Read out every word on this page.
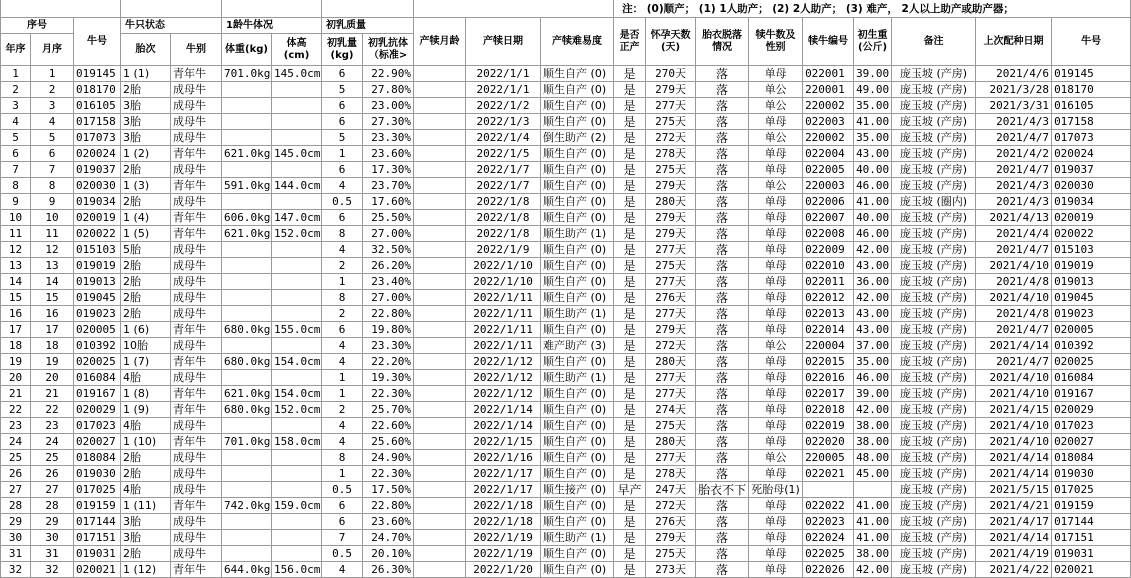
												注： (0)顺产； (1) 1人助产； (2) 2人助产； (3) 难产， 2人以上助产或助产器；								
序号		牛号	牛只状态		1龄牛体况		初乳质量		产犊月龄	产犊日期	产犊难易度	是否正产	怀孕天数(天)	胎衣脱落情况	犊牛数及性别	犊牛编号	初生重(公斤)	备注	上次配种日期	牛号
年序	月序		胎次	牛别	体重(kg)	体高(cm)	初乳量(kg)	初乳抗体（标准>												
1	1	019145	1 (1)	青年牛	701.0kg	145.0cm	6	22.90%		2022/1/1	顺生自产 (0)	是	270天	落	单母	022001	39.00	庞玉坡 (产房)	2021/4/6	019145
2	2	018170	2胎	成母牛			5	27.80%		2022/1/1	顺生自产 (0)	是	279天	落	单公	220001	49.00	庞玉坡 (产房)	2021/3/28	018170
3	3	016105	3胎	成母牛			6	23.00%		2022/1/2	顺生自产 (0)	是	277天	落	单公	220002	35.00	庞玉坡 (产房)	2021/3/31	016105
4	4	017158	3胎	成母牛			6	27.30%		2022/1/3	顺生自产 (0)	是	275天	落	单母	022003	41.00	庞玉坡 (产房)	2021/4/3	017158
5	5	017073	3胎	成母牛			5	23.30%		2022/1/4	倒生助产 (2)	是	272天	落	单公	220002	35.00	庞玉坡 (产房)	2021/4/7	017073
6	6	020024	1 (2)	青年牛	621.0kg	145.0cm	1	23.60%		2022/1/5	顺生自产 (0)	是	278天	落	单母	022004	43.00	庞玉坡 (产房)	2021/4/2	020024
7	7	019037	2胎	成母牛			6	17.30%		2022/1/7	顺生自产 (0)	是	275天	落	单母	022005	40.00	庞玉坡 (产房)	2021/4/7	019037
8	8	020030	1 (3)	青年牛	591.0kg	144.0cm	4	23.70%		2022/1/7	顺生自产 (0)	是	279天	落	单公	220003	46.00	庞玉坡 (产房)	2021/4/3	020030
9	9	019034	2胎	成母牛			0.5	17.60%		2022/1/8	顺生自产 (0)	是	280天	落	单母	022006	41.00	庞玉坡 (圈内)	2021/4/3	019034
10	10	020019	1 (4)	青年牛	606.0kg	147.0cm	6	25.50%		2022/1/8	顺生自产 (0)	是	279天	落	单母	022007	40.00	庞玉坡 (产房)	2021/4/13	020019
11	11	020022	1 (5)	青年牛	621.0kg	152.0cm	8	27.00%		2022/1/8	顺生助产 (1)	是	279天	落	单母	022008	46.00	庞玉坡 (产房)	2021/4/4	020022
12	12	015103	5胎	成母牛			4	32.50%		2022/1/9	顺生自产 (0)	是	277天	落	单母	022009	42.00	庞玉坡 (产房)	2021/4/7	015103
13	13	019019	2胎	成母牛			2	26.20%		2022/1/10	顺生自产 (0)	是	275天	落	单母	022010	43.00	庞玉坡 (产房)	2021/4/10	019019
14	14	019013	2胎	成母牛			1	23.40%		2022/1/10	顺生自产 (0)	是	277天	落	单母	022011	36.00	庞玉坡 (产房)	2021/4/8	019013
15	15	019045	2胎	成母牛			8	27.00%		2022/1/11	顺生自产 (0)	是	276天	落	单母	022012	42.00	庞玉坡 (产房)	2021/4/10	019045
16	16	019023	2胎	成母牛			2	22.80%		2022/1/11	顺生助产 (1)	是	277天	落	单母	022013	43.00	庞玉坡 (产房)	2021/4/8	019023
17	17	020005	1 (6)	青年牛	680.0kg	155.0cm	6	19.80%		2022/1/11	顺生自产 (0)	是	279天	落	单母	022014	43.00	庞玉坡 (产房)	2021/4/7	020005
18	18	010392	10胎	成母牛			4	23.30%		2022/1/11	难产助产 (3)	是	272天	落	单公	220004	37.00	庞玉坡 (产房)	2021/4/14	010392
19	19	020025	1 (7)	青年牛	680.0kg	154.0cm	4	22.20%		2022/1/12	顺生自产 (0)	是	280天	落	单母	022015	35.00	庞玉坡 (产房)	2021/4/7	020025
20	20	016084	4胎	成母牛			1	19.30%		2022/1/12	顺生助产 (1)	是	277天	落	单母	022016	46.00	庞玉坡 (产房)	2021/4/10	016084
21	21	019167	1 (8)	青年牛	621.0kg	154.0cm	1	22.30%		2022/1/12	顺生自产 (0)	是	277天	落	单母	022017	39.00	庞玉坡 (产房)	2021/4/10	019167
22	22	020029	1 (9)	青年牛	680.0kg	152.0cm	2	25.70%		2022/1/14	顺生自产 (0)	是	274天	落	单母	022018	42.00	庞玉坡 (产房)	2021/4/15	020029
23	23	017023	4胎	成母牛			4	22.60%		2022/1/14	顺生自产 (0)	是	275天	落	单母	022019	38.00	庞玉坡 (产房)	2021/4/10	017023
24	24	020027	1 (10)	青年牛	701.0kg	158.0cm	4	25.60%		2022/1/15	顺生自产 (0)	是	280天	落	单母	022020	38.00	庞玉坡 (产房)	2021/4/10	020027
25	25	018084	2胎	成母牛			8	24.90%		2022/1/16	顺生自产 (0)	是	277天	落	单公	220005	48.00	庞玉坡 (产房)	2021/4/14	018084
26	26	019030	2胎	成母牛			1	22.30%		2022/1/17	顺生自产 (0)	是	278天	落	单母	022021	45.00	庞玉坡 (产房)	2021/4/14	019030
27	27	017025	4胎	成母牛			0.5	17.50%		2022/1/17	顺生接产 (0)	早产	247天	胎衣不下	死胎母(1)			庞玉坡 (产房)	2021/5/15	017025
28	28	019159	1 (11)	青年牛	742.0kg	159.0cm	6	22.80%		2022/1/18	顺生自产 (0)	是	272天	落	单母	022022	41.00	庞玉坡 (产房)	2021/4/21	019159
29	29	017144	3胎	成母牛			6	23.60%		2022/1/18	顺生自产 (0)	是	276天	落	单母	022023	41.00	庞玉坡 (产房)	2021/4/17	017144
30	30	017151	3胎	成母牛			7	24.70%		2022/1/19	顺生助产 (1)	是	279天	落	单母	022024	41.00	庞玉坡 (产房)	2021/4/14	017151
31	31	019031	2胎	成母牛			0.5	20.10%		2022/1/19	顺生自产 (0)	是	275天	落	单母	022025	38.00	庞玉坡 (产房)	2021/4/19	019031
32	32	020021	1 (12)	青年牛	644.0kg	156.0cm	4	26.30%		2022/1/20	顺生自产 (0)	是	273天	落	单母	022026	42.00	庞玉坡 (产房)	2021/4/22	020021
